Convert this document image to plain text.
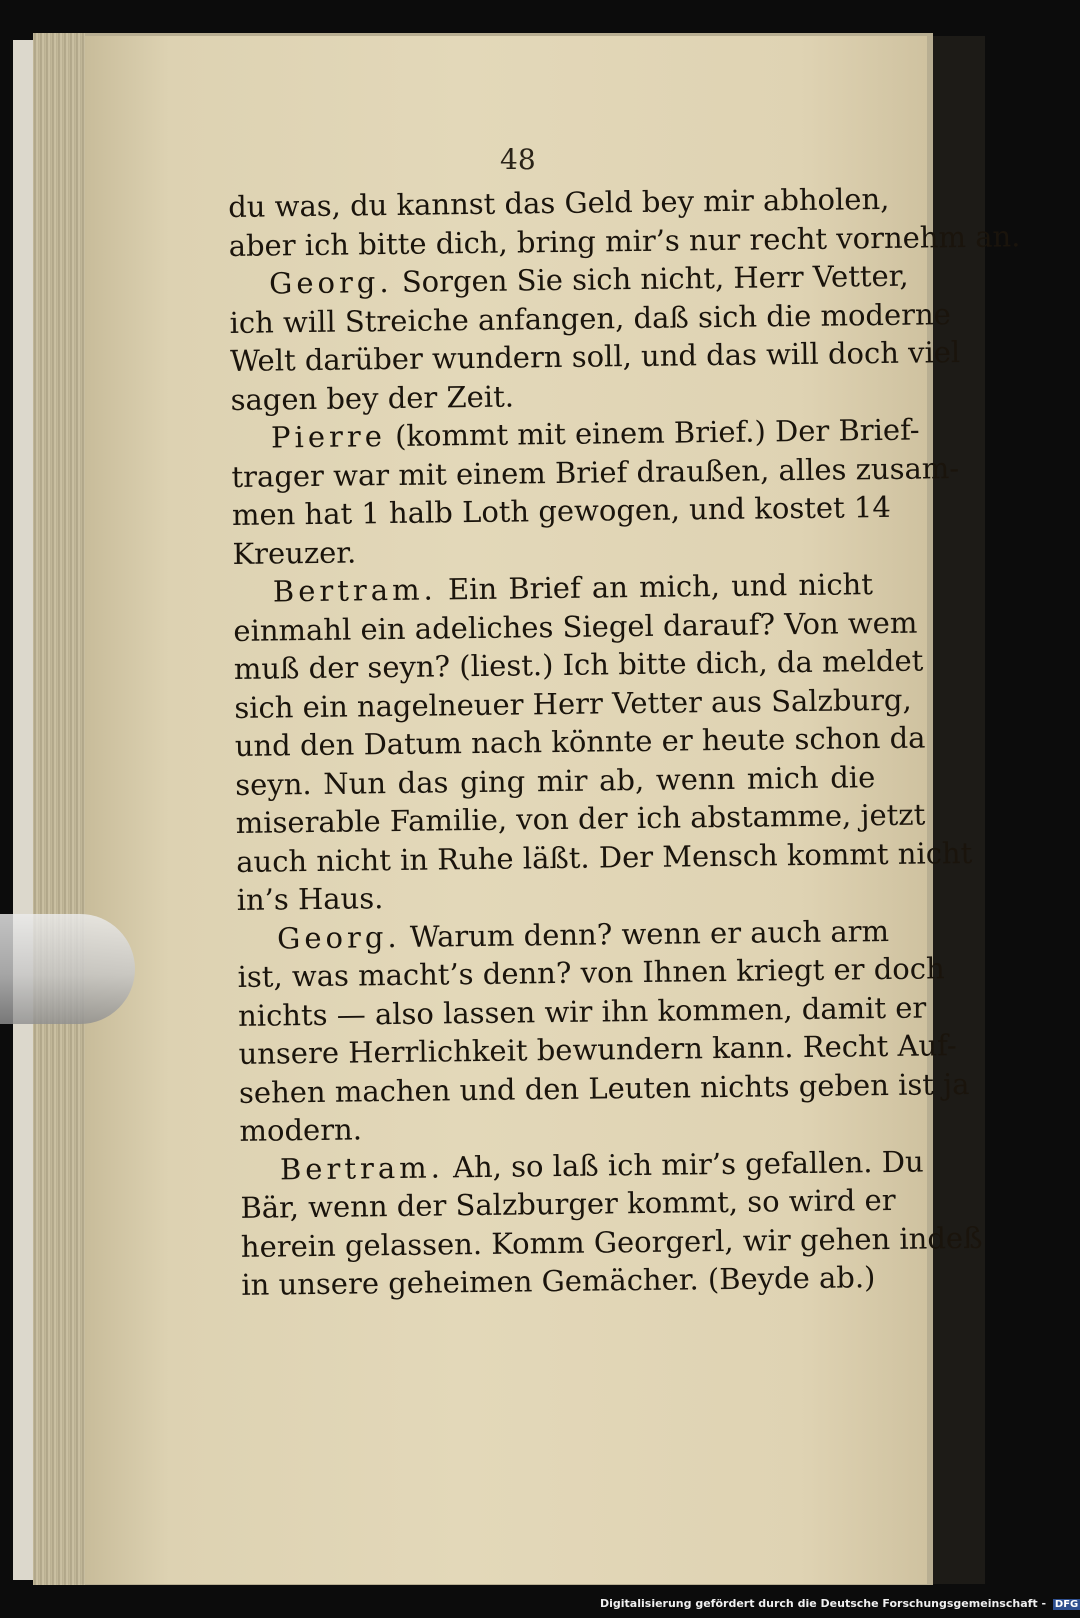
48
du was, du kannst das Geld bey mir abholen,
aber ich bitte dich, bring mir’s nur recht vornehm an.
Georg. Sorgen Sie sich nicht, Herr Vetter,
ich will Streiche anfangen, daß sich die moderne
Welt darüber wundern soll, und das will doch viel
sagen bey der Zeit.
Pierre (kommt mit einem Brief.) Der Brief-
trager war mit einem Brief draußen, alles zusam-
men hat 1 halb Loth gewogen, und kostet 14
Kreuzer.
Bertram. Ein Brief an mich, und nicht
einmahl ein adeliches Siegel darauf? Von wem
muß der seyn? (liest.) Ich bitte dich, da meldet
sich ein nagelneuer Herr Vetter aus Salzburg,
und den Datum nach könnte er heute schon da
seyn. Nun das ging mir ab, wenn mich die
miserable Familie, von der ich abstamme, jetzt
auch nicht in Ruhe läßt. Der Mensch kommt nicht
in’s Haus.
Georg. Warum denn? wenn er auch arm
ist, was macht’s denn? von Ihnen kriegt er doch
nichts — also lassen wir ihn kommen, damit er
unsere Herrlichkeit bewundern kann. Recht Auf-
sehen machen und den Leuten nichts geben ist ja
modern.
Bertram. Ah, so laß ich mir’s gefallen. Du
Bär, wenn der Salzburger kommt, so wird er
herein gelassen. Komm Georgerl, wir gehen indeß
in unsere geheimen Gemächer. (Beyde ab.)
Digitalisierung gefördert durch die Deutsche Forschungsgemeinschaft - DFG
